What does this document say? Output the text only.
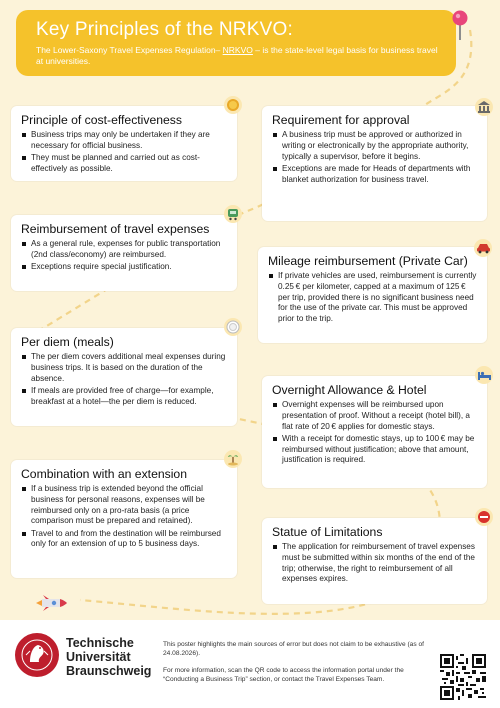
Key Principles of the NRKVO:

The Lower-Saxony Travel Expenses Regulation– NRKVO – is the state-level legal basis for business travel at universities.

Principle of cost-effectiveness
Business trips may only be undertaken if they are necessary for official business.
They must be planned and carried out as cost-effectively as possible.
Requirement for approval
A business trip must be approved or authorized in writing or electronically by the appropriate authority, typically a supervisor, before it begins.
Exceptions are made for Heads of departments with blanket authorization for business travel.
Reimbursement of travel expenses
As a general rule, expenses for public transportation (2nd class/economy) are reimbursed.
Exceptions require special justification.	Mileage reimbursement (Private Car)
If private vehicles are used, reimbursement is currently 0.25 € per kilometer, capped at a maximum of 125 € per trip, provided there is no significant business need for the use of the private car. This must be approved prior to the trip.
Per diem (meals)
The per diem covers additional meal expenses during business trips. It is based on the duration of the absence.
If meals are provided free of charge—for example, breakfast at a hotel—the per diem is reduced.
Overnight Allowance & Hotel
Overnight expenses will be reimbursed upon presentation of proof. Without a receipt (hotel bill), a flat rate of 20 € applies for domestic stays.
With a receipt for domestic stays, up to 100 € may be reimbursed without justification; above that amount, justification is required.
Combination with an extension
If a business trip is extended beyond the official business for personal reasons, expenses will be reimbursed only on a pro-rata basis (a price comparison must be prepared and retained).
Travel to and from the destination will be reimbursed only for an extension of up to 5 business days.
Statue of Limitations
The application for reimbursement of travel expenses must be submitted within six months of the end of the trip; otherwise, the right to reimbursement of all expenses expires.
Technische
Universität
Braunschweig

This poster highlights the main sources of error but does not claim to be exhaustive (as of 24.08.2026).

For more information, scan the QR code to access the information portal under the “Conducting a Business Trip” section, or contact the Travel Expenses Team.
